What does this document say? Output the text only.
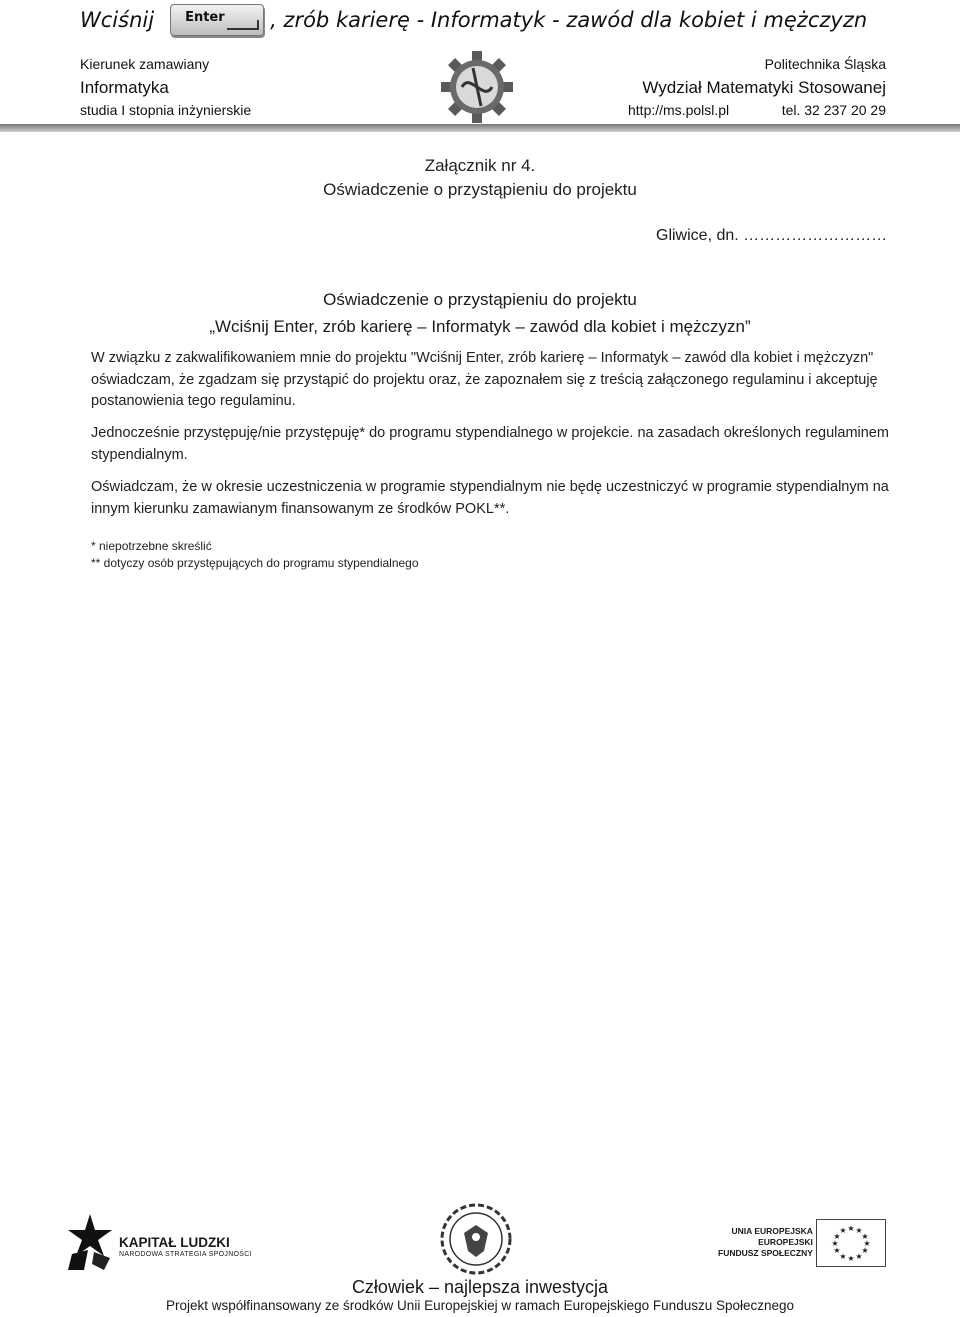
Wciśnij Enter , zrób karierę - Informatyk - zawód dla kobiet i mężczyzn
Kierunek zamawiany
Informatyka
studia I stopnia inżynierskie
Politechnika Śląska
Wydział Matematyki Stosowanej
http://ms.polsl.pl	tel. 32 237 20 29
Załącznik nr 4.
Oświadczenie o przystąpieniu do projektu
Gliwice, dn. ………………………
Oświadczenie o przystąpieniu do projektu
„Wciśnij Enter, zrób karierę – Informatyk – zawód dla kobiet i mężczyzn”
W związku z zakwalifikowaniem mnie do projektu "Wciśnij Enter, zrób karierę – Informatyk – zawód dla kobiet i mężczyzn" oświadczam, że zgadzam się przystąpić do projektu oraz, że zapoznałem się z treścią załączonego regulaminu i akceptuję postanowienia tego regulaminu.
Jednocześnie przystępuję/nie przystępuję* do programu stypendialnego w projekcie. na zasadach określonych regulaminem stypendialnym.
Oświadczam, że w okresie uczestniczenia w programie stypendialnym nie będę uczestniczyć w programie stypendialnym na innym kierunku zamawianym finansowanym ze środków POKL**.
* niepotrzebne skreślić
** dotyczy osób przystępujących do programu stypendialnego
KAPITAŁ LUDZKI
NARODOWA STRATEGIA SPÓJNOŚCI
UNIA EUROPEJSKA
EUROPEJSKI
FUNDUSZ SPOŁECZNY
★ ★
★
★
★
★
★
★
★
★
★
★
Człowiek – najlepsza inwestycja
Projekt współfinansowany ze środków Unii Europejskiej w ramach Europejskiego Funduszu Społecznego
